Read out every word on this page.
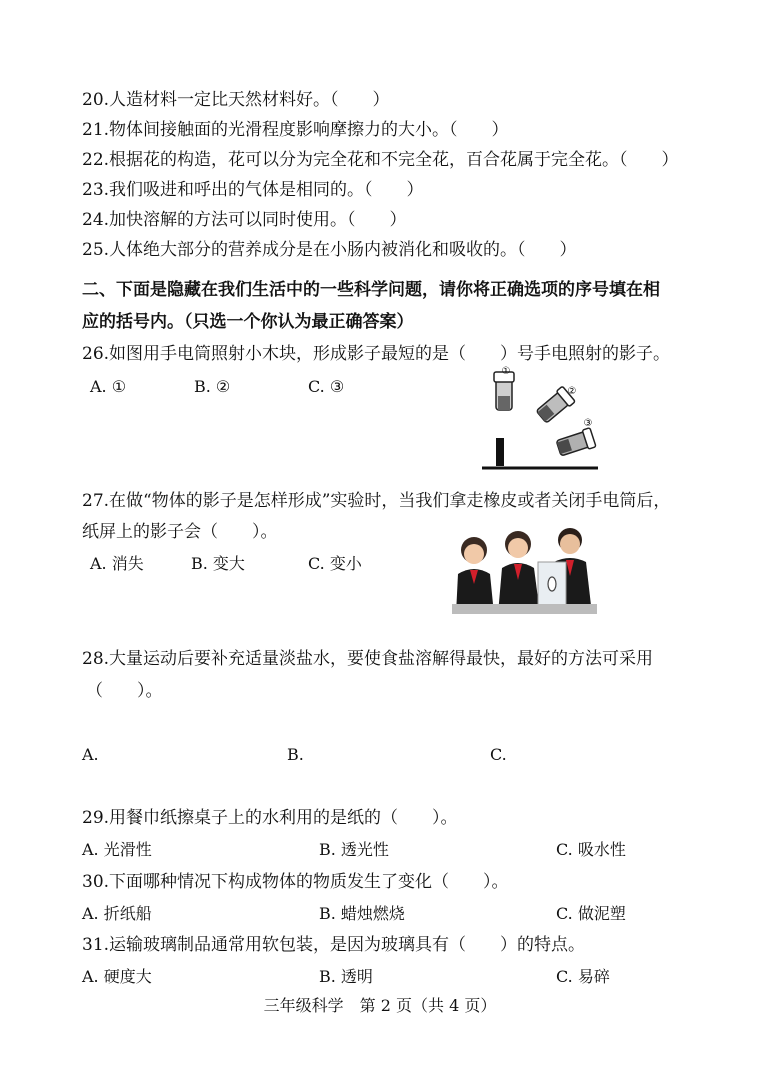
20.人造材料一定比天然材料好。（　　）
21.物体间接触面的光滑程度影响摩擦力的大小。（　　）
22.根据花的构造，花可以分为完全花和不完全花，百合花属于完全花。（　　）
23.我们吸进和呼出的气体是相同的。（　　）
24.加快溶解的方法可以同时使用。（　　）
25.人体绝大部分的营养成分是在小肠内被消化和吸收的。（　　）
二、下面是隐藏在我们生活中的一些科学问题，请你将正确选项的序号填在相
应的括号内。（只选一个你认为最正确答案）
26.如图用手电筒照射小木块，形成影子最短的是（　　）号手电照射的影子。
A. ①	B. ②	C. ③
①
②
③
27.在做“物体的影子是怎样形成”实验时，当我们拿走橡皮或者关闭手电筒后，
纸屏上的影子会（　　）。
A. 消失	B. 变大	C. 变小
28.大量运动后要补充适量淡盐水，要使食盐溶解得最快，最好的方法可采用
（　　）。
A.	B.	C.
29.用餐巾纸擦桌子上的水利用的是纸的（　　）。
A. 光滑性	B. 透光性	C. 吸水性
30.下面哪种情况下构成物体的物质发生了变化（　　）。
A. 折纸船	B. 蜡烛燃烧	C. 做泥塑
31.运输玻璃制品通常用软包装，是因为玻璃具有（　　）的特点。
A. 硬度大	B. 透明	C. 易碎
三年级科学　第 2 页（共 4 页）
